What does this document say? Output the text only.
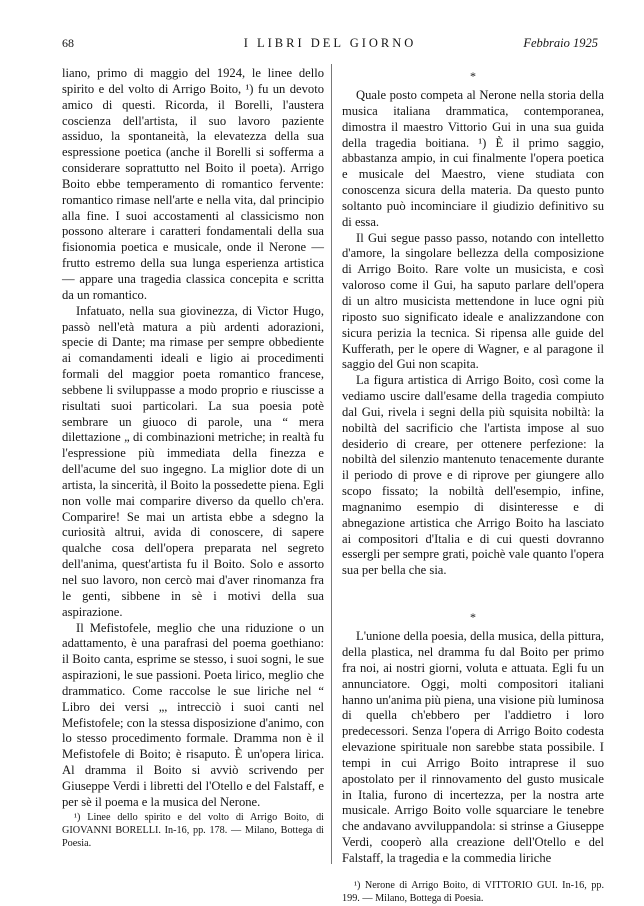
68	I LIBRI DEL GIORNO	Febbraio 1925

liano, primo di maggio del 1924, le linee dello spirito e del volto di Arrigo Boito, ¹) fu un devoto amico di questi. Ricorda, il Borelli, l'austera coscienza dell'artista, il suo lavoro paziente assiduo, la spontaneità, la elevatezza della sua espressione poetica (anche il Borelli si sofferma a considerare soprattutto nel Boito il poeta). Arrigo Boito ebbe temperamento di romantico fervente: romantico rimase nell'arte e nella vita, dal principio alla fine. I suoi accostamenti al classicismo non possono alterare i caratteri fondamentali della sua fisionomia poetica e musicale, onde il Nerone — frutto estremo della sua lunga esperienza artistica — appare una tragedia classica concepita e scritta da un romantico.

Infatuato, nella sua giovinezza, di Victor Hugo, passò nell'età matura a più ardenti adorazioni, specie di Dante; ma rimase per sempre obbediente ai comandamenti ideali e ligio ai procedimenti formali del maggior poeta romantico francese, sebbene li sviluppasse a modo proprio e riuscisse a risultati suoi particolari. La sua poesia potè sembrare un giuoco di parole, una “ mera dilettazione „ di combinazioni metriche; in realtà fu l'espressione più immediata della finezza e dell'acume del suo ingegno. La miglior dote di un artista, la sincerità, il Boito la possedette piena. Egli non volle mai comparire diverso da quello ch'era. Comparire! Se mai un artista ebbe a sdegno la curiosità altrui, avida di conoscere, di sapere qualche cosa dell'opera preparata nel segreto dell'anima, quest'artista fu il Boito. Solo e assorto nel suo lavoro, non cercò mai d'aver rinomanza fra le genti, sibbene in sè i motivi della sua aspirazione.

Il Mefistofele, meglio che una riduzione o un adattamento, è una parafrasi del poema goethiano: il Boito canta, esprime se stesso, i suoi sogni, le sue aspirazioni, le sue passioni. Poeta lirico, meglio che drammatico. Come raccolse le sue liriche nel “ Libro dei versi „, intrecciò i suoi canti nel Mefistofele; con la stessa disposizione d'animo, con lo stesso procedimento formale. Dramma non è il Mefistofele di Boito; è risaputo. È un'opera lirica. Al dramma il Boito si avviò scrivendo per Giuseppe Verdi i libretti del l'Otello e del Falstaff, e per sè il poema e la musica del Nerone.

¹) Linee dello spirito e del volto di Arrigo Boito, di GIOVANNI BORELLI. In-16, pp. 178. — Milano, Bottega di Poesia.

*

Quale posto competa al Nerone nella storia della musica italiana drammatica, contemporanea, dimostra il maestro Vittorio Gui in una sua guida della tragedia boitiana. ¹) È il primo saggio, abbastanza ampio, in cui finalmente l'opera poetica e musicale del Maestro, viene studiata con conoscenza sicura della materia. Da questo punto soltanto può incominciare il giudizio definitivo su di essa.

Il Gui segue passo passo, notando con intelletto d'amore, la singolare bellezza della composizione di Arrigo Boito. Rare volte un musicista, e così valoroso come il Gui, ha saputo parlare dell'opera di un altro musicista mettendone in luce ogni più riposto suo significato ideale e analizzandone con sicura perizia la tecnica. Si ripensa alle guide del Kufferath, per le opere di Wagner, e al paragone il saggio del Gui non scapita.

La figura artistica di Arrigo Boito, così come la vediamo uscire dall'esame della tragedia compiuto dal Gui, rivela i segni della più squisita nobiltà: la nobiltà del sacrificio che l'artista impose al suo desiderio di creare, per ottenere perfezione: la nobiltà del silenzio mantenuto tenacemente durante il periodo di prove e di riprove per giungere allo scopo fissato; la nobiltà dell'esempio, infine, magnanimo esempio di disinteresse e di abnegazione artistica che Arrigo Boito ha lasciato ai compositori d'Italia e di cui questi dovranno essergli per sempre grati, poichè vale quanto l'opera sua per bella che sia.

*

L'unione della poesia, della musica, della pittura, della plastica, nel dramma fu dal Boito per primo fra noi, ai nostri giorni, voluta e attuata. Egli fu un annunciatore. Oggi, molti compositori italiani hanno un'anima più piena, una visione più luminosa di quella ch'ebbero per l'addietro i loro predecessori. Senza l'opera di Arrigo Boito codesta elevazione spirituale non sarebbe stata possibile. I tempi in cui Arrigo Boito intraprese il suo apostolato per il rinnovamento del gusto musicale in Italia, furono di incertezza, per la nostra arte musicale. Arrigo Boito volle squarciare le tenebre che andavano avviluppandola: si strinse a Giuseppe Verdi, cooperò alla creazione dell'Otello e del Falstaff, la tragedia e la commedia liriche

¹) Nerone di Arrigo Boito, di VITTORIO GUI. In-16, pp. 199. — Milano, Bottega di Poesia.
